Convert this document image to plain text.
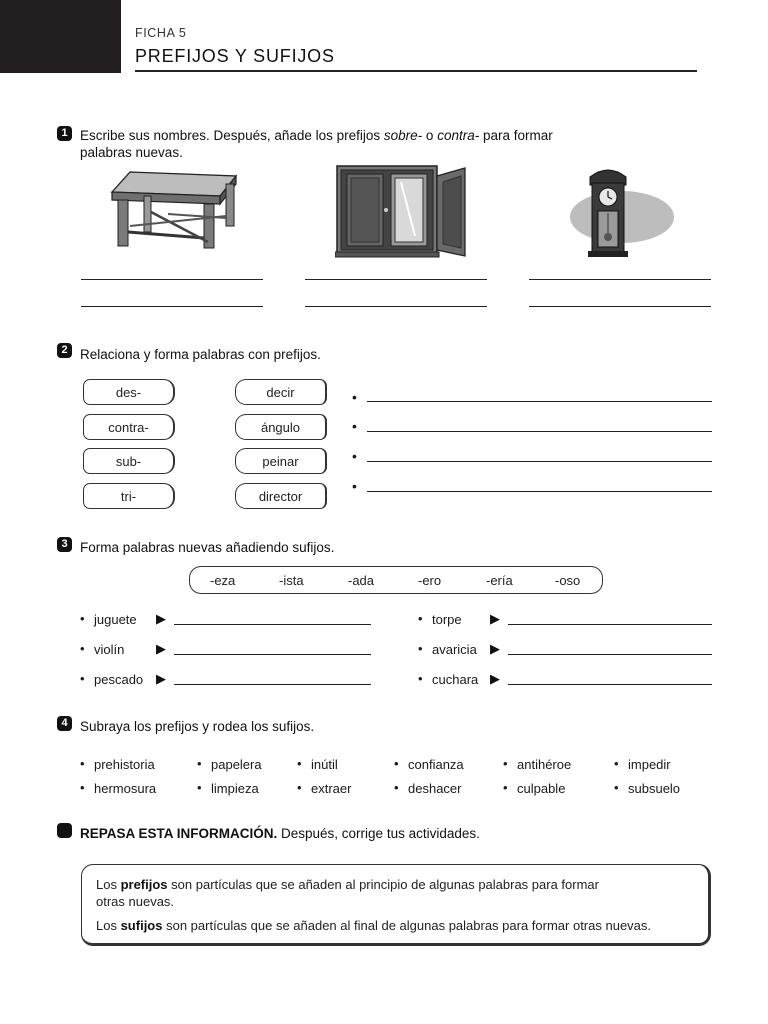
FICHA 5
PREFIJOS Y SUFIJOS
1 Escribe sus nombres. Después, añade los prefijos sobre- o contra- para formar
palabras nuevas.
2 Relaciona y forma palabras con prefijos.
des-
contra-
sub-
tri-
decir
ángulo
peinar
director
•
•
•
•
3 Forma palabras nuevas añadiendo sufijos.
-eza	-ista	-ada	-ero	-ería	-oso
• juguete ▶
• violín ▶
• pescado ▶
• torpe ▶
• avaricia ▶
• cuchara ▶
4 Subraya los prefijos y rodea los sufijos.
• prehistoria	• papelera	• inútil	• confianza	• antihéroe	• impedir
• hermosura	• limpieza	• extraer	• deshacer	• culpable	• subsuelo
REPASA ESTA INFORMACIÓN. Después, corrige tus actividades.
Los prefijos son partículas que se añaden al principio de algunas palabras para formar
otras nuevas.
Los sufijos son partículas que se añaden al final de algunas palabras para formar otras nuevas.
